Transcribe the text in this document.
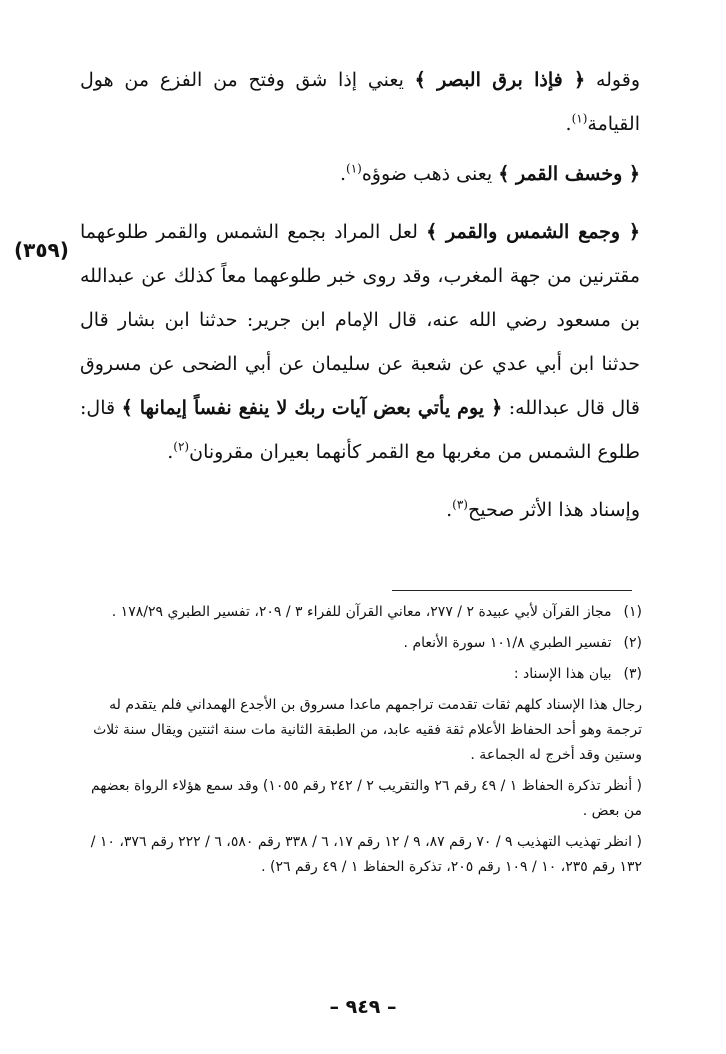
وقوله ﴿ فإذا برق البصر ﴾ يعني إذا شق وفتح من الفزع من هول القيامة$^{(١)}$.

﴿ وخسف القمر ﴾ يعنى ذهب ضوؤه$^{(١)}$.

﴿ وجمع الشمس والقمر ﴾ لعل المراد بجمع الشمس والقمر طلوعهما مقترنين من جهة المغرب، وقد روى خبر طلوعهما معاً كذلك عن عبدالله بن مسعود رضي الله عنه، قال الإمام ابن جرير: حدثنا ابن بشار قال حدثنا ابن أبي عدي عن شعبة عن سليمان عن أبي الضحى عن مسروق قال قال عبدالله: ﴿ يوم يأتي بعض آيات ربك لا ينفع نفساً إيمانها ﴾ قال: طلوع الشمس من مغربها مع القمر كأنهما بعيران مقرونان$^{(٢)}$.

وإسناد هذا الأثر صحيح$^{(٣)}$.

(٣٥٩)
(١) مجاز القرآن لأبي عبيدة ٢ / ٢٧٧، معاني القرآن للفراء ٣ / ٢٠٩، تفسير الطبري ١٧٨/٢٩ .
(٢) تفسير الطبري ١٠١/٨ سورة الأنعام .
(٣) بيان هذا الإسناد :
رجال هذا الإسناد كلهم ثقات تقدمت تراجمهم ماعدا مسروق بن الأجدع الهمداني فلم يتقدم له ترجمة وهو أحد الحفاظ الأعلام ثقة فقيه عابد، من الطبقة الثانية مات سنة اثنتين ويقال سنة ثلاث وستين وقد أخرج له الجماعة .
( أنظر تذكرة الحفاظ ١ / ٤٩ رقم ٢٦ والتقريب ٢ / ٢٤٢ رقم ١٠٥٥) وقد سمع هؤلاء الرواة بعضهم من بعض .
( انظر تهذيب التهذيب ٩ / ٧٠ رقم ٨٧، ٩ / ١٢ رقم ١٧، ٦ / ٣٣٨ رقم ٥٨٠، ٦ / ٢٢٢ رقم ٣٧٦، ١٠ / ١٣٢ رقم ٢٣٥، ١٠ / ١٠٩ رقم ٢٠٥، تذكرة الحفاظ ١ / ٤٩ رقم ٢٦) .
– ٩٤٩ –
